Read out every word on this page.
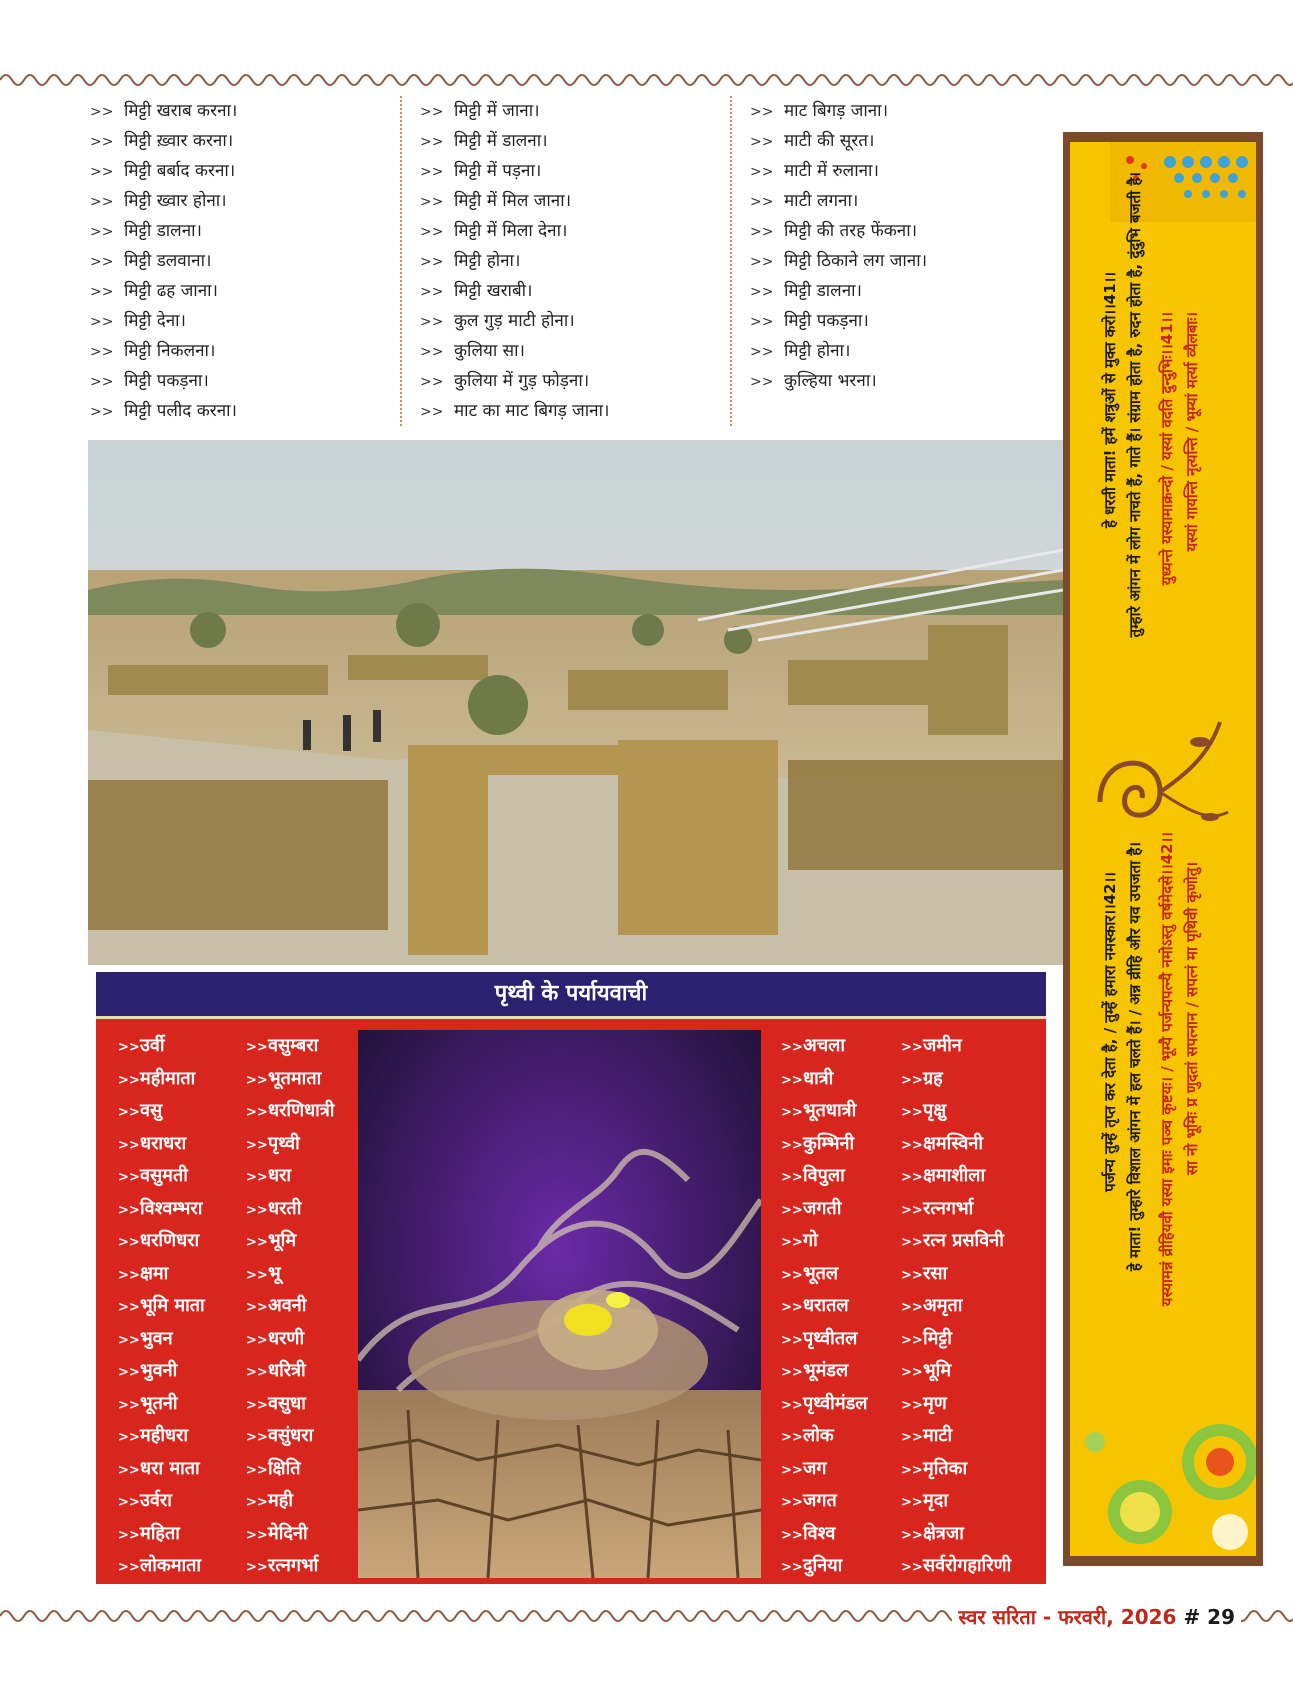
>> मिट्टी खराब करना।
>> मिट्टी ख़्वार करना।
>> मिट्टी बर्बाद करना।
>> मिट्टी ख्वार होना।
>> मिट्टी डालना।
>> मिट्टी डलवाना।
>> मिट्टी ढह जाना।
>> मिट्टी देना।
>> मिट्टी निकलना।
>> मिट्टी पकड़ना।
>> मिट्टी पलीद करना।
>> मिट्टी में जाना।
>> मिट्टी में डालना।
>> मिट्टी में पड़ना।
>> मिट्टी में मिल जाना।
>> मिट्टी में मिला देना।
>> मिट्टी होना।
>> मिट्टी खराबी।
>> कुल गुड़ माटी होना।
>> कुलिया सा।
>> कुलिया में गुड़ फोड़ना।
>> माट का माट बिगड़ जाना।
>> माट बिगड़ जाना।
>> माटी की सूरत।
>> माटी में रुलाना।
>> माटी लगना।
>> मिट्टी की तरह फेंकना।
>> मिट्टी ठिकाने लग जाना।
>> मिट्टी डालना।
>> मिट्टी पकड़ना।
>> मिट्टी होना।
>> कुल्हिया भरना।	यस्यां गायन्ति नृत्यन्ति / भूम्यां मर्त्या व्यैलबाः।
युध्यन्ते यस्यामाक्रन्दो / यस्यां वदति दुन्दुभिः।।41।।
तुम्हारे आंगन में लोग नाचते हैं, गाते हैं। संग्राम होता है, रुदन होता है, दुंदुभि बजती है।
हे धरती माता! हमें शत्रुओं से मुक्त करो।।41।।
सा नो भूमिः प्र णुदतां सपत्नान / सपत्नं मा पृथिवी कृणोतु।
यस्यामन्नं व्रीहियवौ यस्या इमाः पञ्च कृष्टयः। / भूम्यै पर्जन्यपत्न्यै नमोऽस्तु वर्षमेदसे।।42।।
हे माता! तुम्हारे विशाल आंगन में हल चलते हैं। / अन्न व्रीहि और यव उपजता है।
पर्जन्य तुम्हें तृप्त कर देता है, / तुम्हें हमारा नमस्कार।।42।।
पृथ्वी के पर्यायवाची
>>उर्वी
>>महीमाता
>>वसु
>>धराधरा
>>वसुमती
>>विश्वम्भरा
>>धरणिधरा
>>क्षमा
>>भूमि माता
>>भुवन
>>भुवनी
>>भूतनी
>>महीधरा
>>धरा माता
>>उर्वरा
>>महिता
>>लोकमाता
>>वसुम्बरा
>>भूतमाता
>>धरणिधात्री
>>पृथ्वी
>>धरा
>>धरती
>>भूमि
>>भू
>>अवनी
>>धरणी
>>धरित्री
>>वसुधा
>>वसुंधरा
>>क्षिति
>>मही
>>मेदिनी
>>रत्नगर्भा
>>अचला
>>धात्री
>>भूतधात्री
>>कुम्भिनी
>>विपुला
>>जगती
>>गो
>>भूतल
>>धरातल
>>पृथ्वीतल
>>भूमंडल
>>पृथ्वीमंडल
>>लोक
>>जग
>>जगत
>>विश्व
>>दुनिया
>>जमीन
>>ग्रह
>>पृक्षु
>>क्षमस्विनी
>>क्षमाशीला
>>रत्नगर्भा
>>रत्न प्रसविनी
>>रसा
>>अमृता
>>मिट्टी
>>भूमि
>>मृण
>>माटी
>>मृतिका
>>मृदा
>>क्षेत्रजा
>>सर्वरोगहारिणी
स्वर सरिता - फरवरी, 2026 # 29
